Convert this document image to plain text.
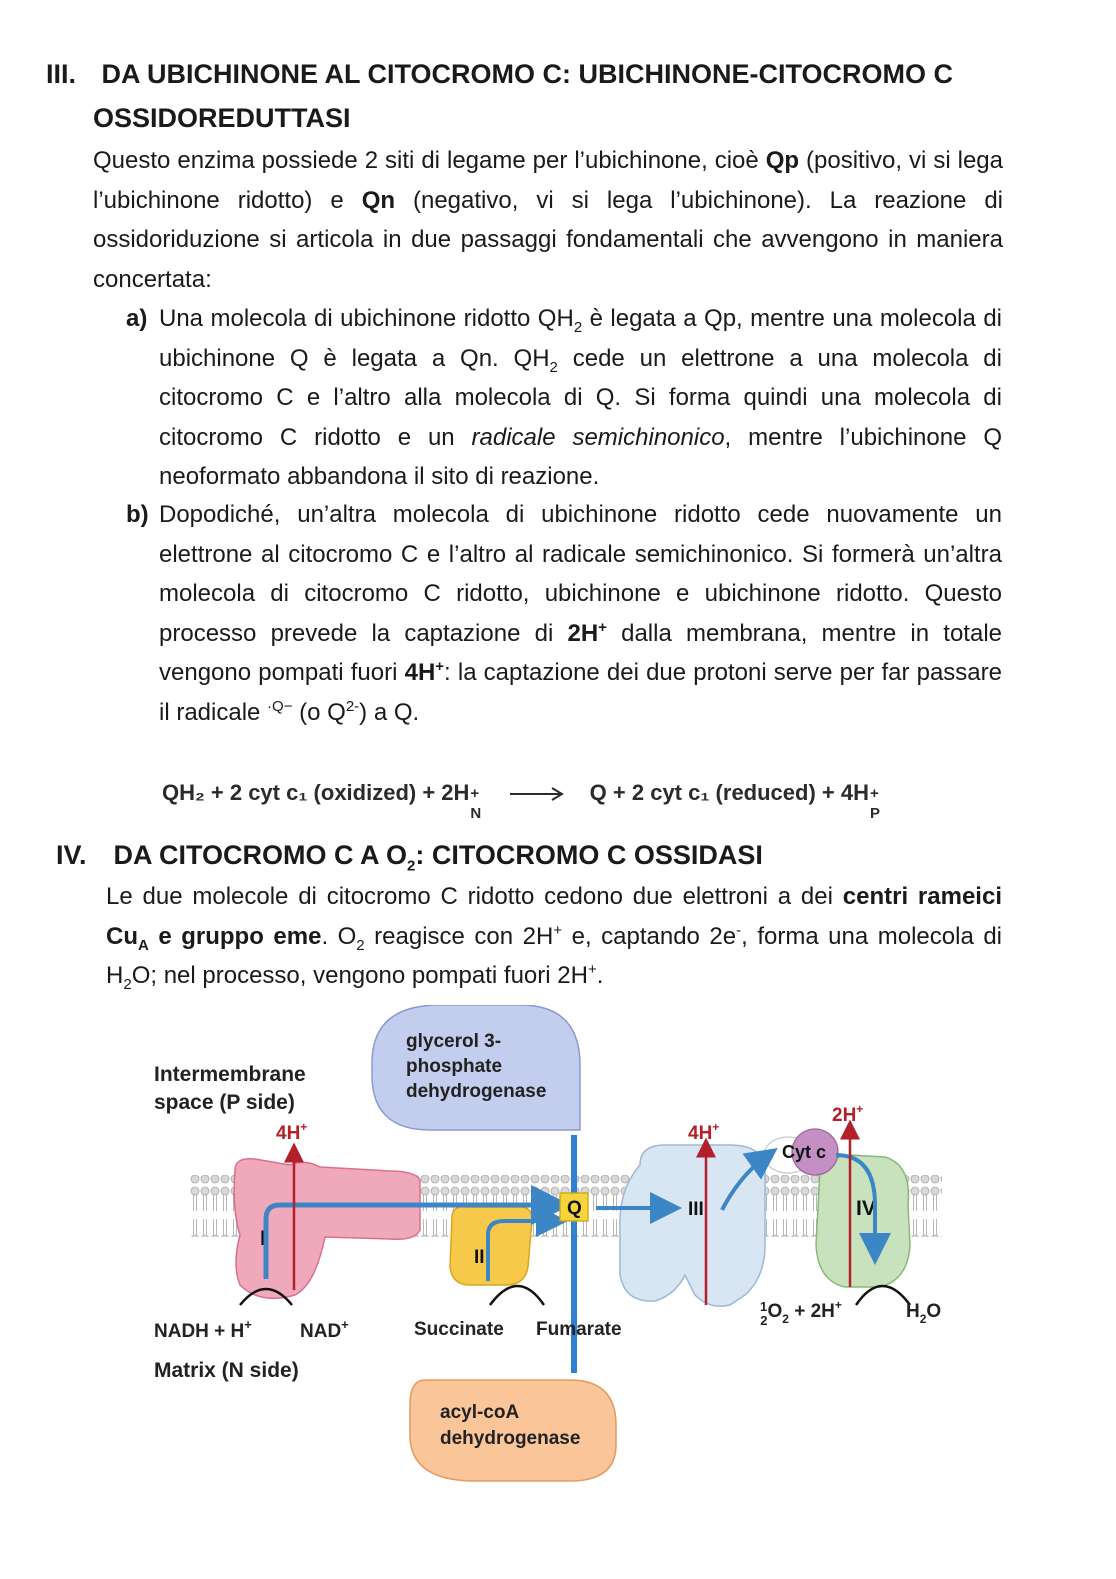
III. DA UBICHINONE AL CITOCROMO C: UBICHINONE-CITOCROMO C
OSSIDOREDUTTASI
Questo enzima possiede 2 siti di legame per l’ubichinone, cioè Qp (positivo, vi si lega l’ubichinone ridotto) e Qn (negativo, vi si lega l’ubichinone). La reazione di ossidoriduzione si articola in due passaggi fondamentali che avvengono in maniera concertata:
a) Una molecola di ubichinone ridotto $QH_2$ è legata a Qp, mentre una molecola di ubichinone Q è legata a Qn. $QH_2$ cede un elettrone a una molecola di citocromo C e l’altro alla molecola di Q. Si forma quindi una molecola di citocromo C ridotto e un radicale semichinonico, mentre l’ubichinone Q neoformato abbandona il sito di reazione.
b) Dopodiché, un’altra molecola di ubichinone ridotto cede nuovamente un elettrone al citocromo C e l’altro al radicale semichinonico. Si formerà un’altra molecola di citocromo C ridotto, ubichinone e ubichinone ridotto. Questo processo prevede la captazione di 2H+ dalla membrana, mentre in totale vengono pompati fuori 4H+: la captazione dei due protoni serve per far passare il radicale $^{\cdot Q-}$ (o $Q^{2-}$) a Q.
QH₂ + 2 cyt c₁ (oxidized) + 2H +
N
→ Q + 2 cyt c₁ (reduced) + 4H +
P
IV. DA CITOCROMO C A $O_2$: CITOCROMO C OSSIDASI
Le due molecole di citocromo C ridotto cedono due elettroni a dei centri rameici $Cu_A$ e gruppo eme. $O_2$ reagisce con 2H+ e, captando 2e-, forma una molecola di $H_2O$; nel processo, vengono pompati fuori 2H+.
Intermembrane
space (P side)
Matrix (N side)
glycerol 3-
phosphate
dehydrogenase
acyl-coA
dehydrogenase
I
II
III	IV
Cyt c
Q
4H+	4H+
2H+
NADH + H+	NAD+	Succinate Fumarate
$^1$ $2O_2 + 2H^+$	$H_2O$
